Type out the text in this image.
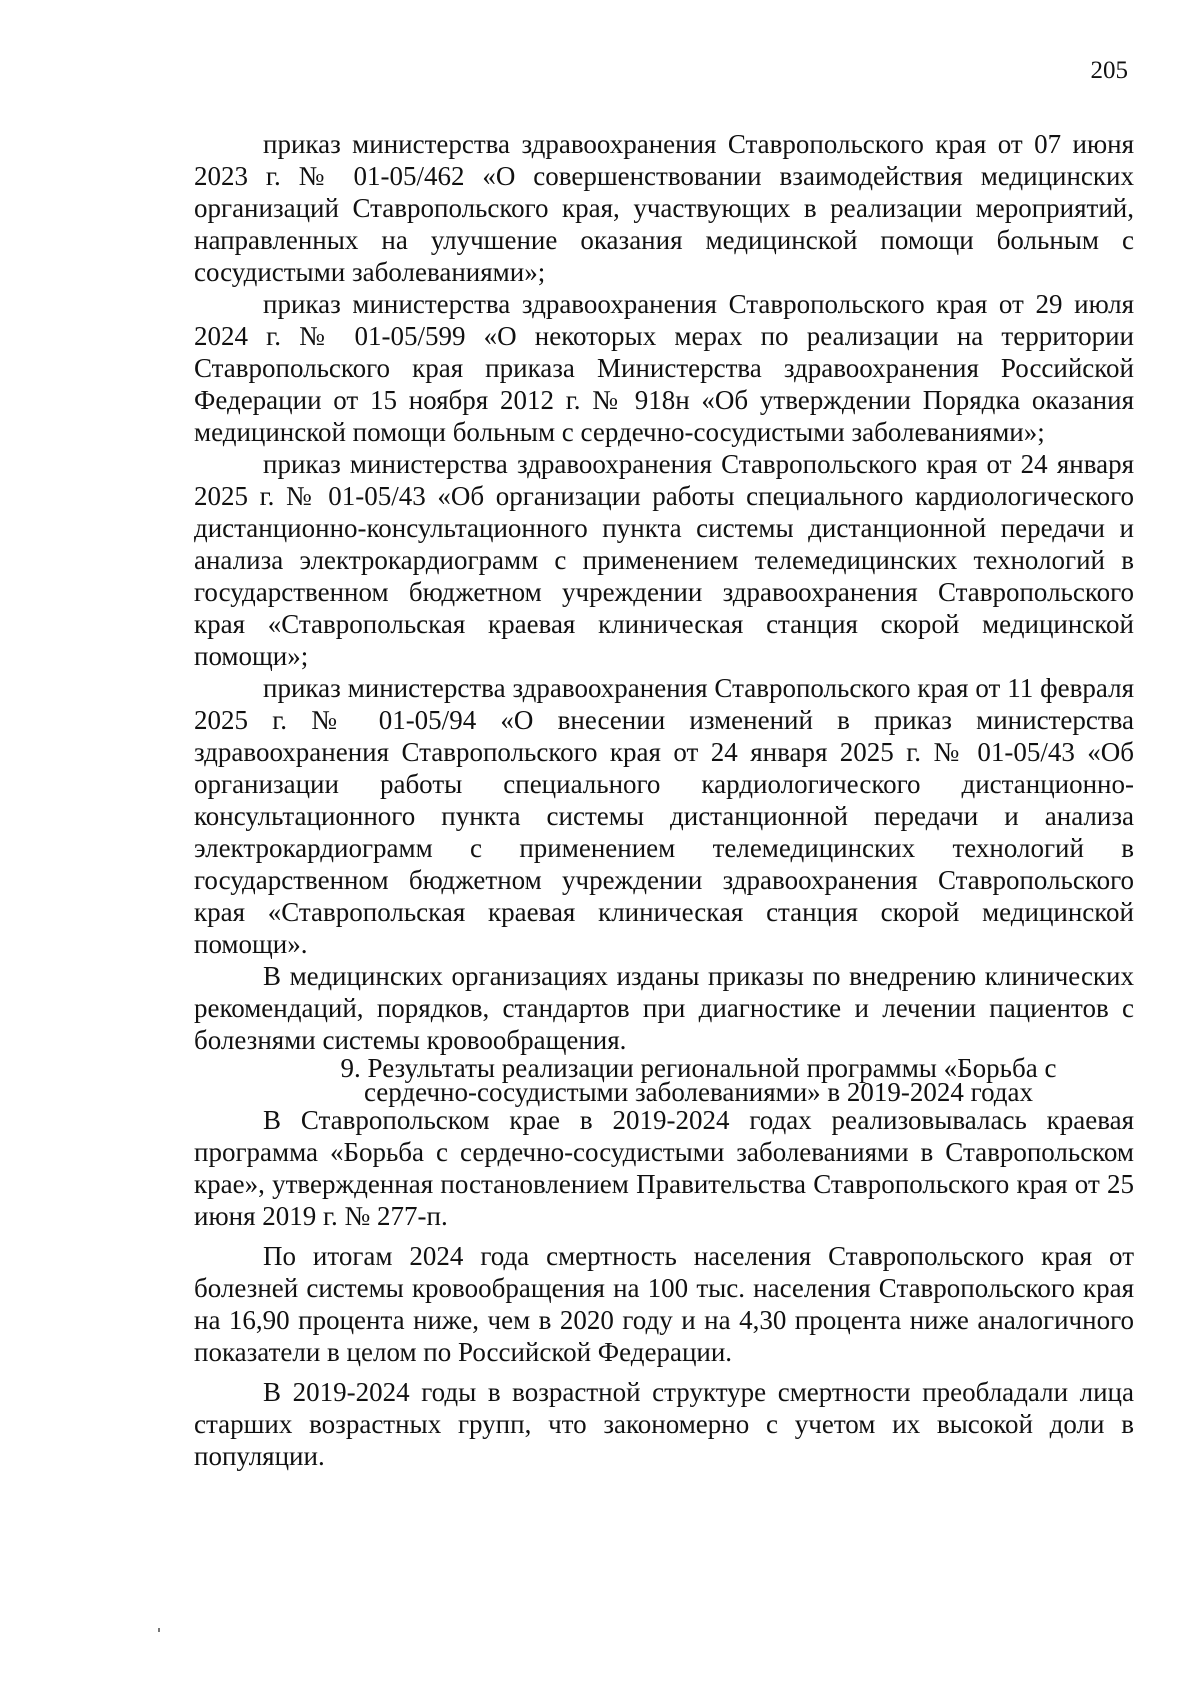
205

приказ министерства здравоохранения Ставропольского края от 07 июня 2023 г. № 01-05/462 «О совершенствовании взаимодействия медицинских организаций Ставропольского края, участвующих в реализации мероприятий, направленных на улучшение оказания медицинской помощи больным с сосудистыми заболеваниями»;

приказ министерства здравоохранения Ставропольского края от 29 июля 2024 г. № 01-05/599 «О некоторых мерах по реализации на территории Ставропольского края приказа Министерства здравоохранения Российской Федерации от 15 ноября 2012 г. № 918н «Об утверждении Порядка оказания медицинской помощи больным с сердечно-сосудистыми заболеваниями»;

приказ министерства здравоохранения Ставропольского края от 24 января 2025 г. № 01-05/43 «Об организации работы специального кардиологического дистанционно-консультационного пункта системы дистанционной передачи и анализа электрокардиограмм с применением телемедицинских технологий в государственном бюджетном учреждении здравоохранения Ставропольского края «Ставропольская краевая клиническая станция скорой медицинской помощи»;

приказ министерства здравоохранения Ставропольского края от 11 февраля 2025 г. № 01-05/94 «О внесении изменений в приказ министерства здравоохранения Ставропольского края от 24 января 2025 г. № 01-05/43 «Об организации работы специального кардиологического дистанционно-консультационного пункта системы дистанционной передачи и анализа электрокардиограмм с применением телемедицинских технологий в государственном бюджетном учреждении здравоохранения Ставропольского края «Ставропольская краевая клиническая станция скорой медицинской помощи».

В медицинских организациях изданы приказы по внедрению клинических рекомендаций, порядков, стандартов при диагностике и лечении пациентов с болезнями системы кровообращения.

9. Результаты реализации региональной программы «Борьба с
сердечно-сосудистыми заболеваниями» в 2019-2024 годах

В Ставропольском крае в 2019-2024 годах реализовывалась краевая программа «Борьба с сердечно-сосудистыми заболеваниями в Ставропольском крае», утвержденная постановлением Правительства Ставропольского края от 25 июня 2019 г. № 277-п.

По итогам 2024 года смертность населения Ставропольского края от болезней системы кровообращения на 100 тыс. населения Ставропольского края на 16,90 процента ниже, чем в 2020 году и на 4,30 процента ниже аналогичного показатели в целом по Российской Федерации.

В 2019-2024 годы в возрастной структуре смертности преобладали лица старших возрастных групп, что закономерно с учетом их высокой доли в популяции.
